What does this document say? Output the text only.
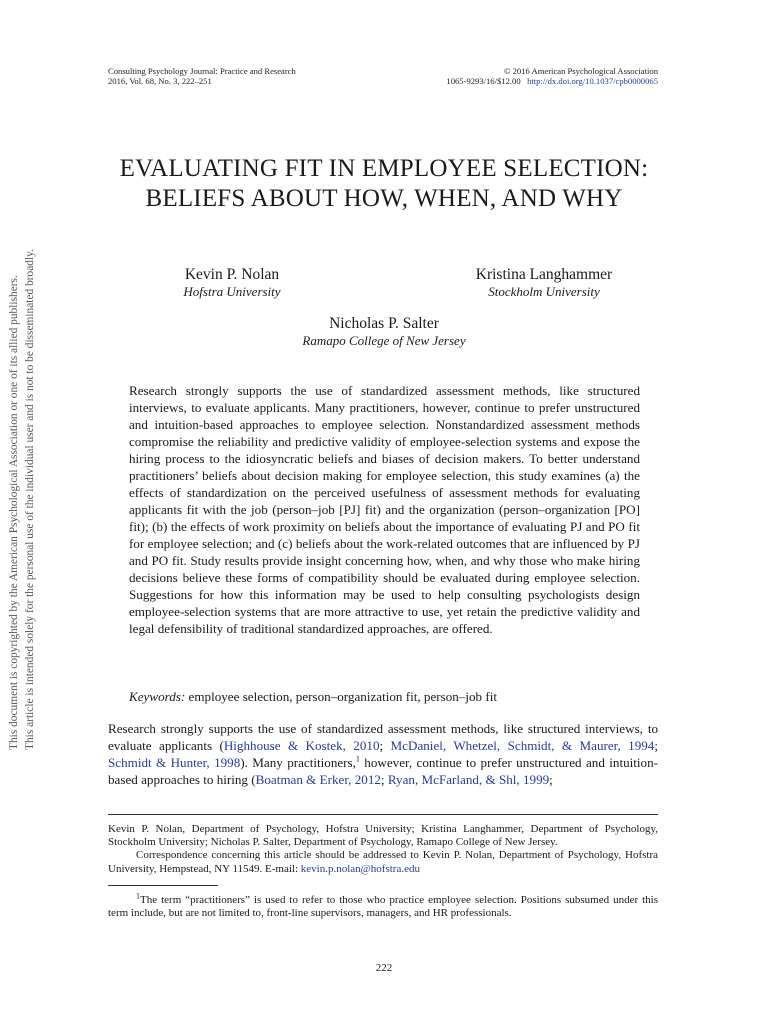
This document is copyrighted by the American Psychological Association or one of its allied publishers. This article is intended solely for the personal use of the individual user and is not to be disseminated broadly.
Consulting Psychology Journal: Practice and Research
2016, Vol. 68, No. 3, 222–251
© 2016 American Psychological Association
1065-9293/16/$12.00 http://dx.doi.org/10.1037/cpb0000065
EVALUATING FIT IN EMPLOYEE SELECTION: BELIEFS ABOUT HOW, WHEN, AND WHY
Kevin P. Nolan
Hofstra University
Kristina Langhammer
Stockholm University
Nicholas P. Salter
Ramapo College of New Jersey
Research strongly supports the use of standardized assessment methods, like structured interviews, to evaluate applicants. Many practitioners, however, continue to prefer unstructured and intuition-based approaches to employee selection. Nonstandardized assessment methods compromise the reliability and predictive validity of employee-selection systems and expose the hiring process to the idiosyncratic beliefs and biases of decision makers. To better understand practitioners’ beliefs about decision making for employee selection, this study examines (a) the effects of standardization on the perceived usefulness of assessment methods for evaluating applicants fit with the job (person–job [PJ] fit) and the organization (person–organization [PO] fit); (b) the effects of work proximity on beliefs about the importance of evaluating PJ and PO fit for employee selection; and (c) beliefs about the work-related outcomes that are influenced by PJ and PO fit. Study results provide insight concerning how, when, and why those who make hiring decisions believe these forms of compatibility should be evaluated during employee selection. Suggestions for how this information may be used to help consulting psychologists design employee-selection systems that are more attractive to use, yet retain the predictive validity and legal defensibility of traditional standardized approaches, are offered.
Keywords: employee selection, person–organization fit, person–job fit
Research strongly supports the use of standardized assessment methods, like structured interviews, to evaluate applicants (Highhouse & Kostek, 2010; McDaniel, Whetzel, Schmidt, & Maurer, 1994; Schmidt & Hunter, 1998). Many practitioners,$^1$ however, continue to prefer unstructured and intuition-based approaches to hiring (Boatman & Erker, 2012; Ryan, McFarland, & Shl, 1999;

Kevin P. Nolan, Department of Psychology, Hofstra University; Kristina Langhammer, Department of Psychology, Stockholm University; Nicholas P. Salter, Department of Psychology, Ramapo College of New Jersey.

Correspondence concerning this article should be addressed to Kevin P. Nolan, Department of Psychology, Hofstra University, Hempstead, NY 11549. E-mail: kevin.p.nolan@hofstra.edu

$^1$The term “practitioners” is used to refer to those who practice employee selection. Positions subsumed under this term include, but are not limited to, front-line supervisors, managers, and HR professionals.
222
